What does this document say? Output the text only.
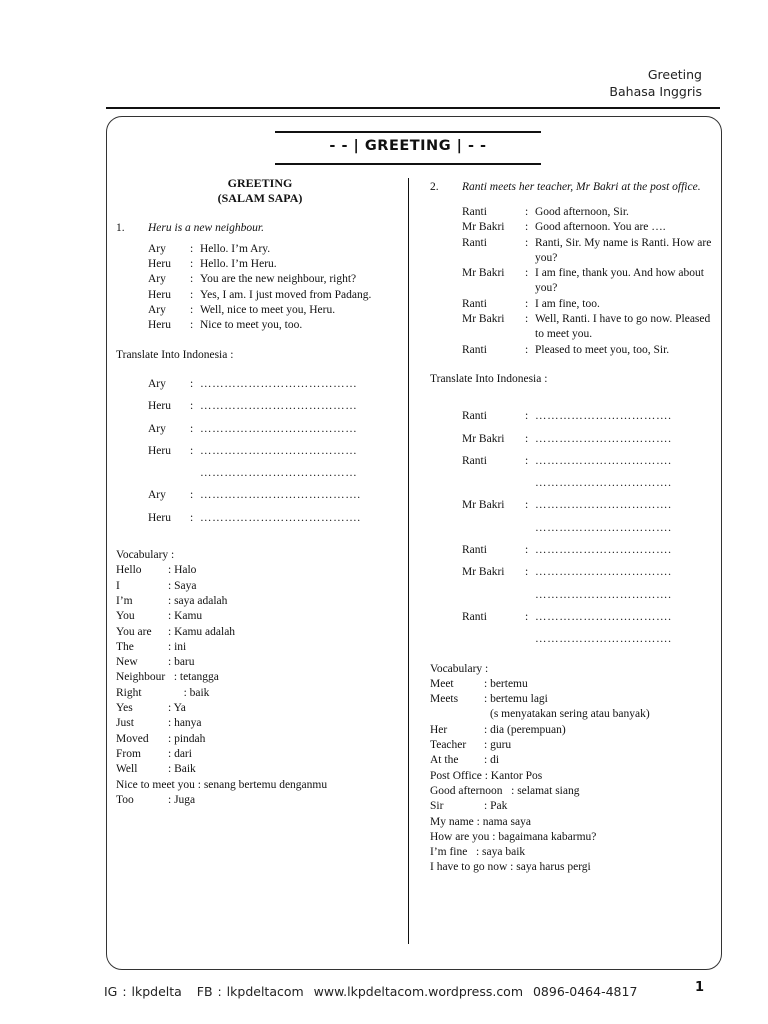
Greeting
Bahasa Inggris
- - | GREETING | - -
GREETING
(SALAM SAPA)
1.	Heru is a new neighbour.
Ary	: Hello. I’m Ary.
Heru	: Hello. I’m Heru.
Ary	: You are the new neighbour, right?
Heru	: Yes, I am. I just moved from Padang.
Ary	: Well, nice to meet you, Heru.
Heru	: Nice to meet you, too.
Translate Into Indonesia :
Ary	: …………………………………
Heru	: …………………………………
Ary	: …………………………………
Heru	: …………………………………
…………………………………
Ary	: ………………………………….
Heru	: ………………………………….
Vocabulary :
Hello	: Halo
I	: Saya
I’m	: saya adalah
You	: Kamu
You are	: Kamu adalah
The	: ini
New	: baru
Neighbour : tetangga
Right	: baik
Yes	: Ya
Just	: hanya
Moved	: pindah
From	: dari
Well	: Baik
Nice to meet you : senang bertemu denganmu
Too	: Juga
2.	Ranti meets her teacher, Mr Bakri at the post office.
Ranti	: Good afternoon, Sir.
Mr Bakri	: Good afternoon. You are ….
Ranti	: Ranti, Sir. My name is Ranti. How are you?
Mr Bakri	: I am fine, thank you. And how about you?
Ranti	: I am fine, too.
Mr Bakri	: Well, Ranti. I have to go now. Pleased to meet you.
Ranti	: Pleased to meet you, too, Sir.
Translate Into Indonesia :
Ranti	: …………………………….
Mr Bakri	: …………………………….
Ranti	: …………………………….
…………………………….
Mr Bakri	: …………………………….
…………………………….
Ranti	: …………………………….
Mr Bakri	: …………………………….
…………………………….
Ranti	: …………………………….
…………………………….
Vocabulary :
Meet	: bertemu
Meets	: bertemu lagi
(s menyatakan sering atau banyak)
Her	: dia (perempuan)
Teacher	: guru
At the	: di
Post Office : Kantor Pos
Good afternoon   : selamat siang
Sir	: Pak
My name : nama saya
How are you : bagaimana kabarmu?
I’m fine   : saya baik
I have to go now : saya harus pergi
IG : lkpdelta   FB : lkpdeltacom  www.lkpdeltacom.wordpress.com  0896-0464-4817	1
